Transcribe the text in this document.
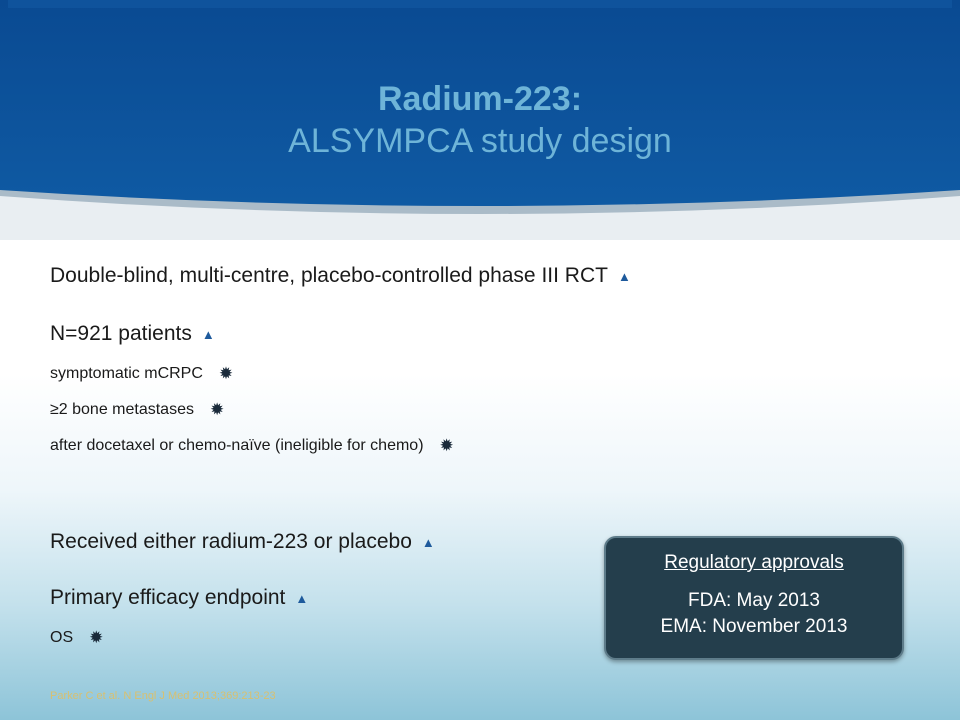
Radium-223:
ALSYMPCA study design
Double-blind, multi-centre, placebo-controlled phase III RCT ▲
N=921 patients ▲
symptomatic mCRPC ✹
≥2 bone metastases ✹
after docetaxel or chemo-naïve (ineligible for chemo) ✹
Received either radium-223 or placebo ▲
Primary efficacy endpoint ▲
OS ✹
Regulatory approvals
FDA: May 2013
EMA: November 2013
Parker C et al. N Engl J Med 2013;369:213-23
